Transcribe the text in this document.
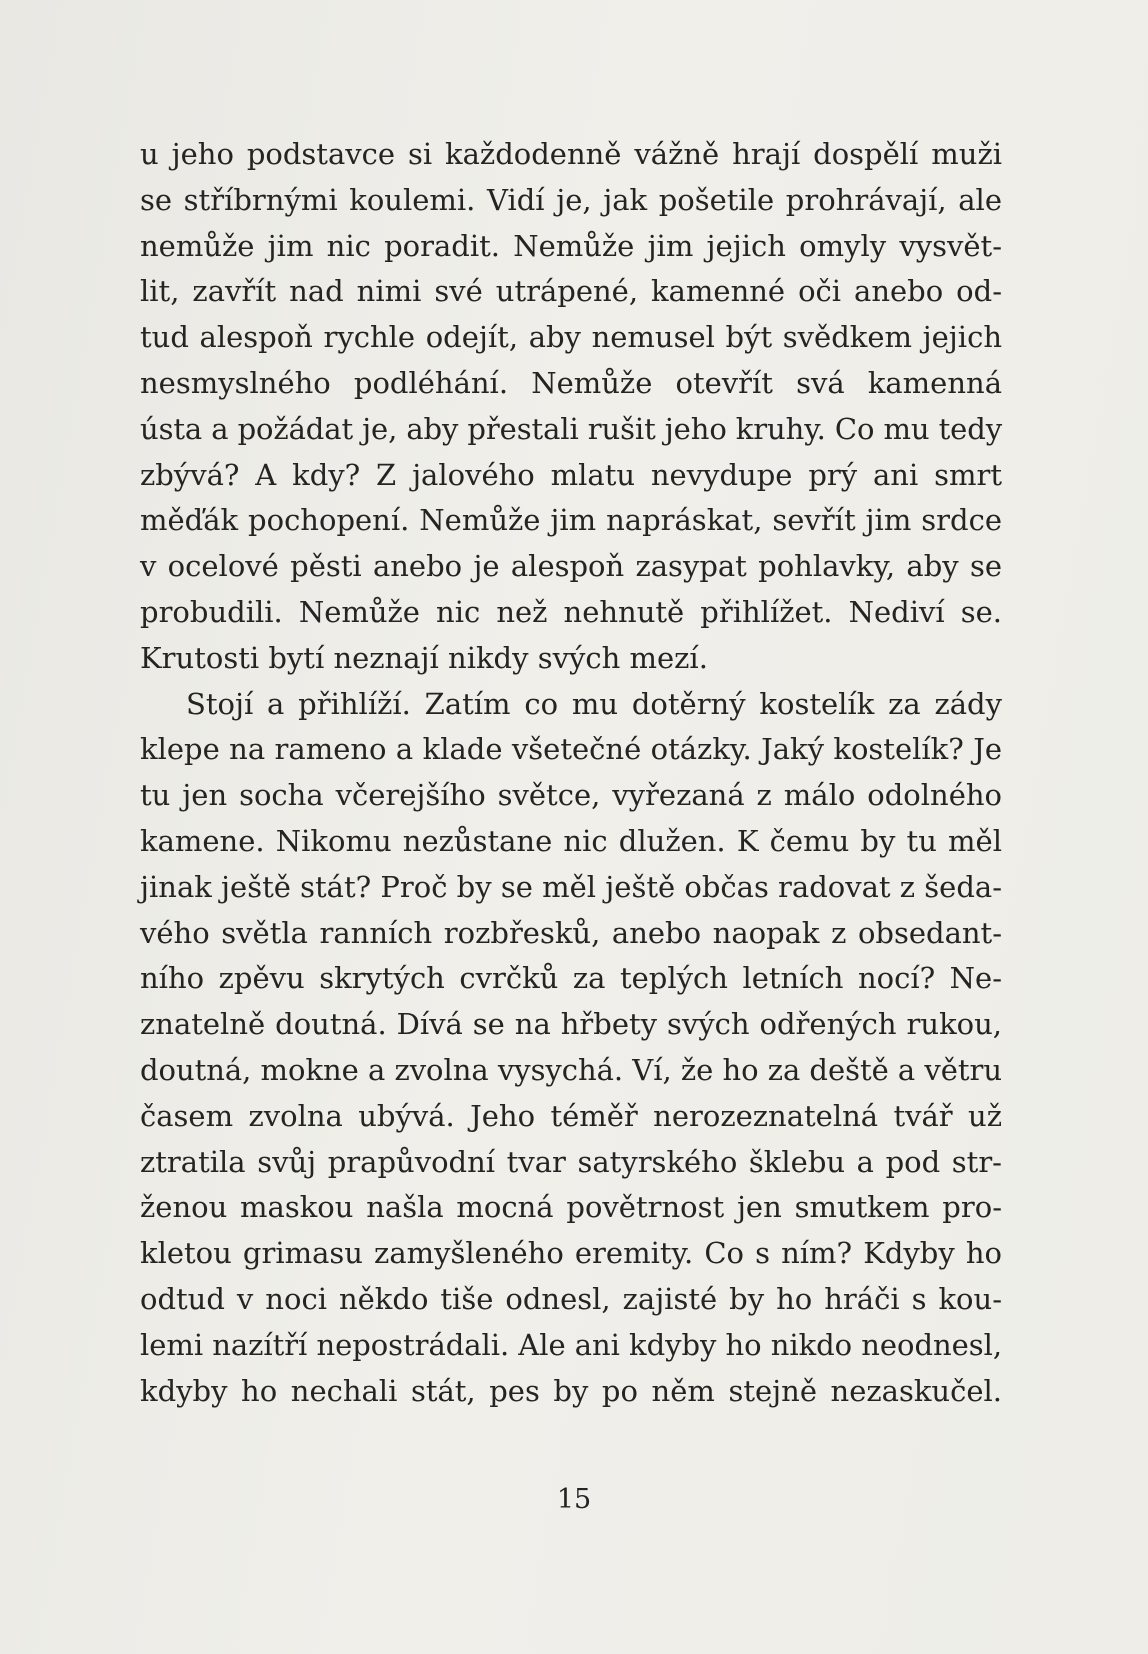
u jeho podstavce si každodenně vážně hrají dospělí muži
se stříbrnými koulemi. Vidí je, jak pošetile prohrávají, ale
nemůže jim nic poradit. Nemůže jim jejich omyly vysvět-
lit, zavřít nad nimi své utrápené, kamenné oči anebo od-
tud alespoň rychle odejít, aby nemusel být svědkem jejich
nesmyslného podléhání. Nemůže otevřít svá kamenná
ústa a požádat je, aby přestali rušit jeho kruhy. Co mu tedy
zbývá? A kdy? Z jalového mlatu nevydupe prý ani smrt
měďák pochopení. Nemůže jim napráskat, sevřít jim srdce
v ocelové pěsti anebo je alespoň zasypat pohlavky, aby se
probudili. Nemůže nic než nehnutě přihlížet. Nediví se.
Krutosti bytí neznají nikdy svých mezí.
Stojí a přihlíží. Zatím co mu dotěrný kostelík za zády
klepe na rameno a klade všetečné otázky. Jaký kostelík? Je
tu jen socha včerejšího světce, vyřezaná z málo odolného
kamene. Nikomu nezůstane nic dlužen. K čemu by tu měl
jinak ještě stát? Proč by se měl ještě občas radovat z šeda-
vého světla ranních rozbřesků, anebo naopak z obsedant-
ního zpěvu skrytých cvrčků za teplých letních nocí? Ne-
znatelně doutná. Dívá se na hřbety svých odřených rukou,
doutná, mokne a zvolna vysychá. Ví, že ho za deště a větru
časem zvolna ubývá. Jeho téměř nerozeznatelná tvář už
ztratila svůj prapůvodní tvar satyrského šklebu a pod str-
ženou maskou našla mocná povětrnost jen smutkem pro-
kletou grimasu zamyšleného eremity. Co s ním? Kdyby ho
odtud v noci někdo tiše odnesl, zajisté by ho hráči s kou-
lemi nazítří nepostrádali. Ale ani kdyby ho nikdo neodnesl,
kdyby ho nechali stát, pes by po něm stejně nezaskučel.
15
